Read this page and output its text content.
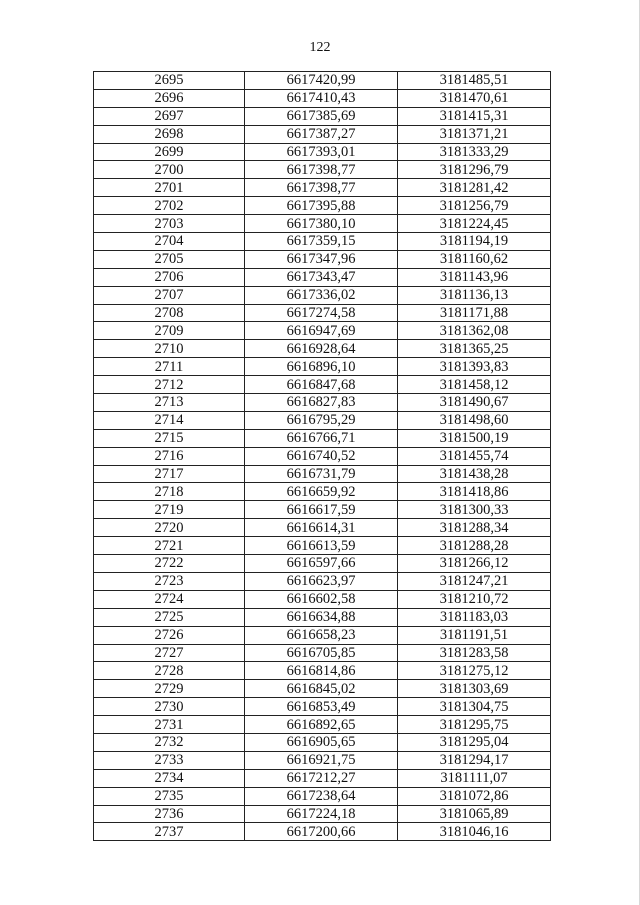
122
2695	6617420,99	3181485,51
2696	6617410,43	3181470,61
2697	6617385,69	3181415,31
2698	6617387,27	3181371,21
2699	6617393,01	3181333,29
2700	6617398,77	3181296,79
2701	6617398,77	3181281,42
2702	6617395,88	3181256,79
2703	6617380,10	3181224,45
2704	6617359,15	3181194,19
2705	6617347,96	3181160,62
2706	6617343,47	3181143,96
2707	6617336,02	3181136,13
2708	6617274,58	3181171,88
2709	6616947,69	3181362,08
2710	6616928,64	3181365,25
2711	6616896,10	3181393,83
2712	6616847,68	3181458,12
2713	6616827,83	3181490,67
2714	6616795,29	3181498,60
2715	6616766,71	3181500,19
2716	6616740,52	3181455,74
2717	6616731,79	3181438,28
2718	6616659,92	3181418,86
2719	6616617,59	3181300,33
2720	6616614,31	3181288,34
2721	6616613,59	3181288,28
2722	6616597,66	3181266,12
2723	6616623,97	3181247,21
2724	6616602,58	3181210,72
2725	6616634,88	3181183,03
2726	6616658,23	3181191,51
2727	6616705,85	3181283,58
2728	6616814,86	3181275,12
2729	6616845,02	3181303,69
2730	6616853,49	3181304,75
2731	6616892,65	3181295,75
2732	6616905,65	3181295,04
2733	6616921,75	3181294,17
2734	6617212,27	3181111,07
2735	6617238,64	3181072,86
2736	6617224,18	3181065,89
2737	6617200,66	3181046,16
